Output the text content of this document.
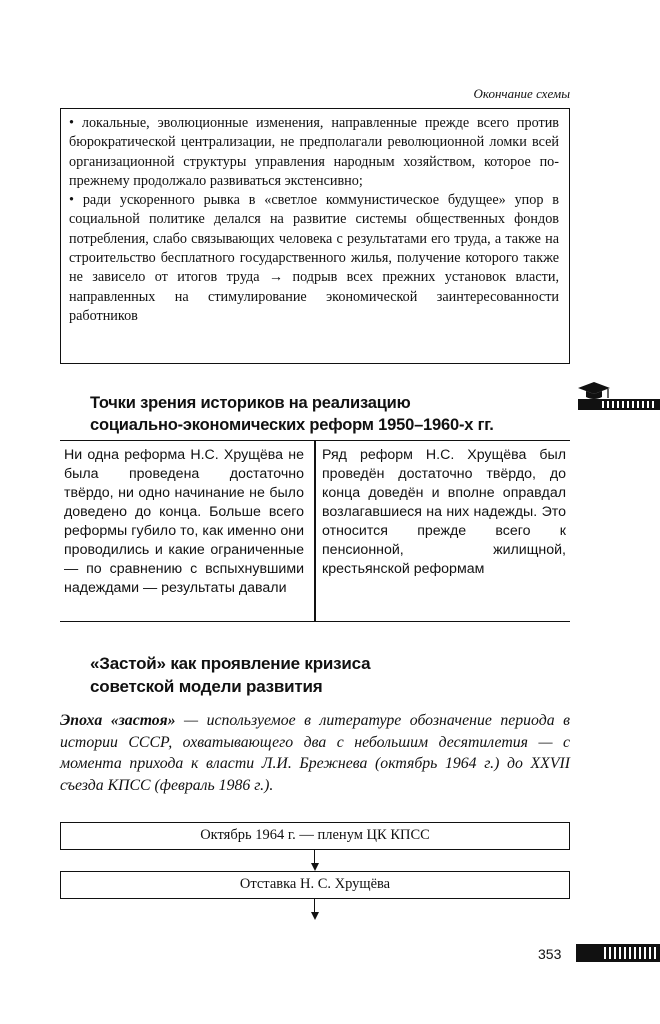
Окончание схемы

• локальные, эволюционные изменения, направленные прежде всего против бюрократической централизации, не предполагали революционной ломки всей организационной структуры управления народным хозяйством, которое по-прежнему продолжало развиваться экстенсивно;

• ради ускоренного рывка в «светлое коммунистическое будущее» упор в социальной политике делался на развитие системы общественных фондов потребления, слабо связывающих человека с результатами его труда, а также на строительство бесплатного государственного жилья, получение которого также не зависело от итогов труда → подрыв всех прежних установок власти, направленных на стимулирование экономической заинтересованности работников

Точки зрения историков на реализацию
социально-экономических реформ 1950–1960-х гг.
Ни одна реформа Н.С. Хрущёва не была проведена достаточно твёрдо, ни одно начинание не было доведено до конца. Больше всего реформы губило то, как именно они проводились и какие ограниченные — по сравнению с вспыхнувшими надеждами — результаты давали
Ряд реформ Н.С. Хрущёва был проведён достаточно твёрдо, до конца доведён и вполне оправдал возлагавшиеся на них надежды. Это относится прежде всего к пенсионной, жилищной, крестьянской реформам
«Застой» как проявление кризиса
советской модели развития
Эпоха «застоя» — используемое в литературе обозначение периода в истории СССР, охватывающего два с небольшим десятилетия — с момента прихода к власти Л.И. Брежнева (октябрь 1964 г.) до XXVII съезда КПСС (февраль 1986 г.).
Октябрь 1964 г. — пленум ЦК КПСС
Отставка Н. С. Хрущёва
353
